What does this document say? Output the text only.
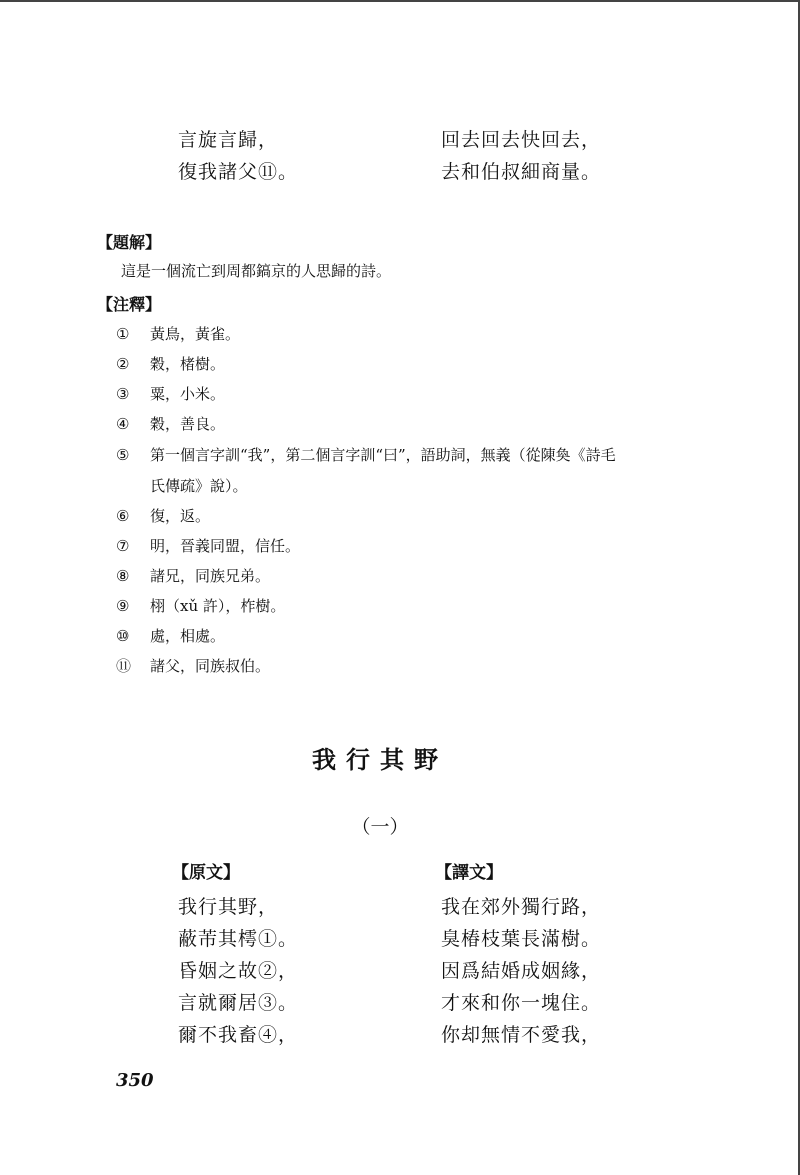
言旋言歸，
復我諸父⑪。
回去回去快回去，
去和伯叔細商量。
【題解】
這是一個流亡到周都鎬京的人思歸的詩。
【注釋】
① 黃鳥，黃雀。
② 穀，楮樹。
③ 粟，小米。
④ 穀，善良。
⑤ 第一個言字訓“我”，第二個言字訓“曰”，語助詞，無義（從陳奐《詩毛
氏傳疏》說）。
⑥ 復，返。
⑦ 明，晉義同盟，信任。
⑧ 諸兄，同族兄弟。
⑨ 栩（xǔ 許），柞樹。
⑩ 處，相處。
⑪ 諸父，同族叔伯。
我行其野
（一）
【原文】	【譯文】
我行其野，
蔽芾其樗①。
昏姻之故②，
言就爾居③。
爾不我畜④，
我在郊外獨行路，
臭椿枝葉長滿樹。
因爲結婚成姻緣，
才來和你一塊住。
你却無情不愛我，
350
